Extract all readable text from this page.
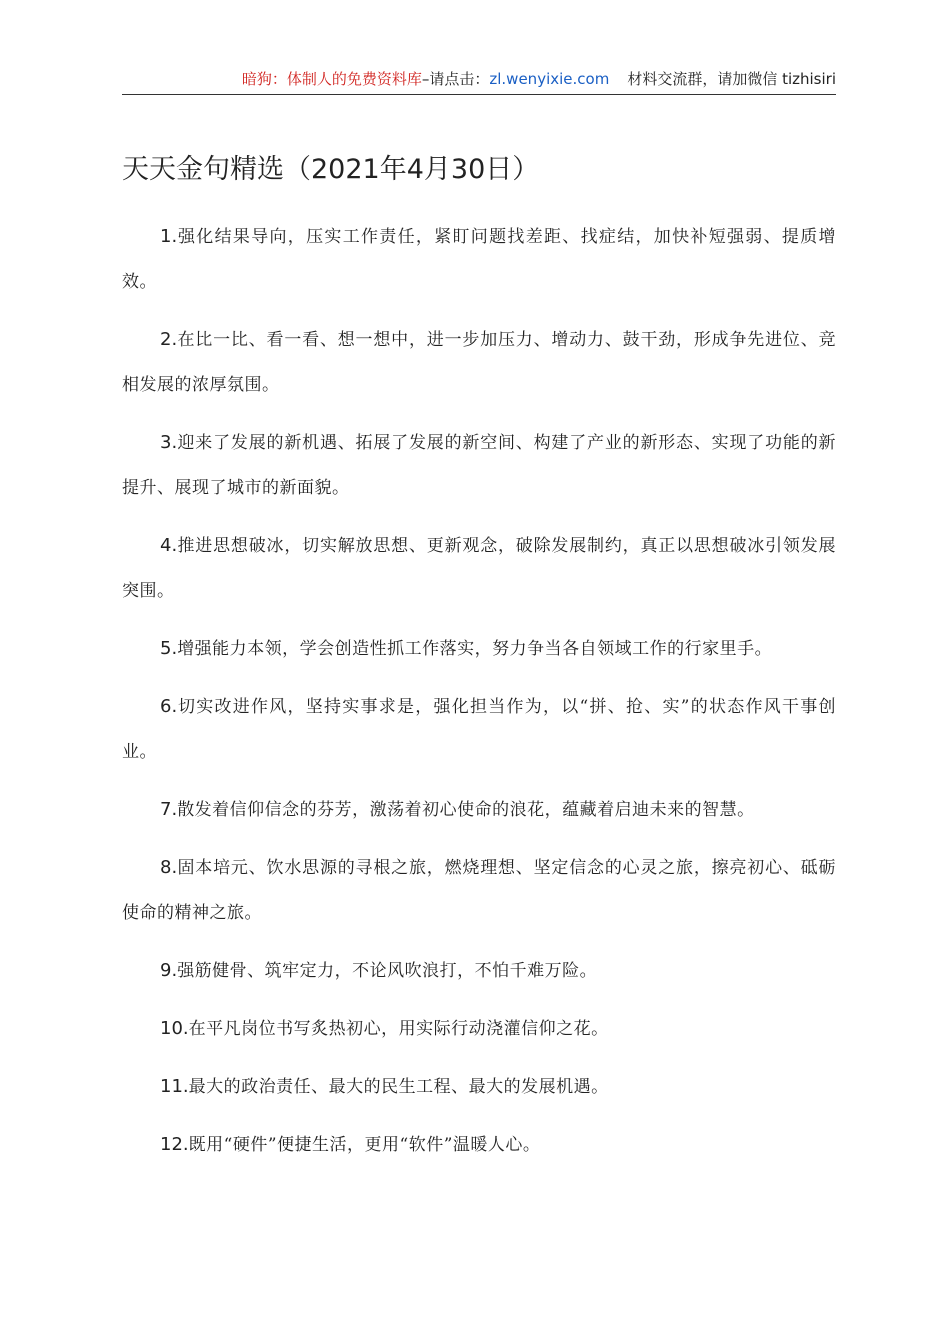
暗狗：体制人的免费资料库–请点击：zl.wenyixie.com 材料交流群，请加微信 tizhisiri
天天金句精选（2021年4月30日）

1.强化结果导向，压实工作责任，紧盯问题找差距、找症结，加快补短强弱、提质增效。

2.在比一比、看一看、想一想中，进一步加压力、增动力、鼓干劲，形成争先进位、竞相发展的浓厚氛围。

3.迎来了发展的新机遇、拓展了发展的新空间、构建了产业的新形态、实现了功能的新提升、展现了城市的新面貌。

4.推进思想破冰，切实解放思想、更新观念，破除发展制约，真正以思想破冰引领发展突围。

5.增强能力本领，学会创造性抓工作落实，努力争当各自领域工作的行家里手。

6.切实改进作风，坚持实事求是，强化担当作为，以“拼、抢、实”的状态作风干事创业。

7.散发着信仰信念的芬芳，激荡着初心使命的浪花，蕴藏着启迪未来的智慧。

8.固本培元、饮水思源的寻根之旅，燃烧理想、坚定信念的心灵之旅，擦亮初心、砥砺使命的精神之旅。

9.强筋健骨、筑牢定力，不论风吹浪打，不怕千难万险。

10.在平凡岗位书写炙热初心，用实际行动浇灌信仰之花。

11.最大的政治责任、最大的民生工程、最大的发展机遇。

12.既用“硬件”便捷生活，更用“软件”温暖人心。
